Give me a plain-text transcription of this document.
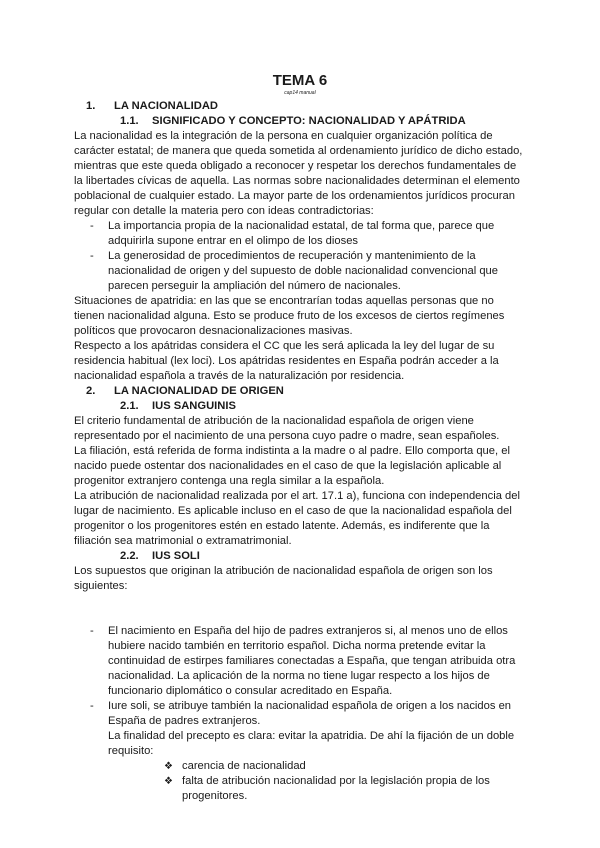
TEMA 6
cap14 manual
1.	LA NACIONALIDAD
1.1.	SIGNIFICADO Y CONCEPTO: NACIONALIDAD Y APÁTRIDA

La nacionalidad es la integración de la persona en cualquier organización política de carácter estatal; de manera que queda sometida al ordenamiento jurídico de dicho estado, mientras que este queda obligado a reconocer y respetar los derechos fundamentales de la libertades cívicas de aquella. Las normas sobre nacionalidades determinan el elemento poblacional de cualquier estado. La mayor parte de los ordenamientos jurídicos procuran regular con detalle la materia pero con ideas contradictorias:

- La importancia propia de la nacionalidad estatal, de tal forma que, parece que adquirirla supone entrar en el olimpo de los dioses
- La generosidad de procedimientos de recuperación y mantenimiento de la nacionalidad de origen y del supuesto de doble nacionalidad convencional que parecen perseguir la ampliación del número de nacionales.

Situaciones de apatridia: en las que se encontrarían todas aquellas personas que no tienen nacionalidad alguna. Esto se produce fruto de los excesos de ciertos regímenes políticos que provocaron desnacionalizaciones masivas.

Respecto a los apátridas considera el CC que les será aplicada la ley del lugar de su residencia habitual (lex loci). Los apátridas residentes en España podrán acceder a la nacionalidad española a través de la naturalización por residencia.

2.	LA NACIONALIDAD DE ORIGEN
2.1.	IUS SANGUINIS

El criterio fundamental de atribución de la nacionalidad española de origen viene representado por el nacimiento de una persona cuyo padre o madre, sean españoles.

La filiación, está referida de forma indistinta a la madre o al padre. Ello comporta que, el nacido puede ostentar dos nacionalidades en el caso de que la legislación aplicable al progenitor extranjero contenga una regla similar a la española.

La atribución de nacionalidad realizada por el art. 17.1 a), funciona con independencia del lugar de nacimiento. Es aplicable incluso en el caso de que la nacionalidad española del progenitor o los progenitores estén en estado latente. Además, es indiferente que la filiación sea matrimonial o extramatrimonial.

2.2.	IUS SOLI

Los supuestos que originan la atribución de nacionalidad española de origen son los siguientes:

- El nacimiento en España del hijo de padres extranjeros si, al menos uno de ellos hubiere nacido también en territorio español. Dicha norma pretende evitar la continuidad de estirpes familiares conectadas a España, que tengan atribuida otra nacionalidad. La aplicación de la norma no tiene lugar respecto a los hijos de funcionario diplomático o consular acreditado en España.
- Iure soli, se atribuye también la nacionalidad española de origen a los nacidos en España de padres extranjeros.

La finalidad del precepto es clara: evitar la apatridia. De ahí la fijación de un doble requisito:

❖ carencia de nacionalidad
❖ falta de atribución nacionalidad por la legislación propia de los progenitores.
